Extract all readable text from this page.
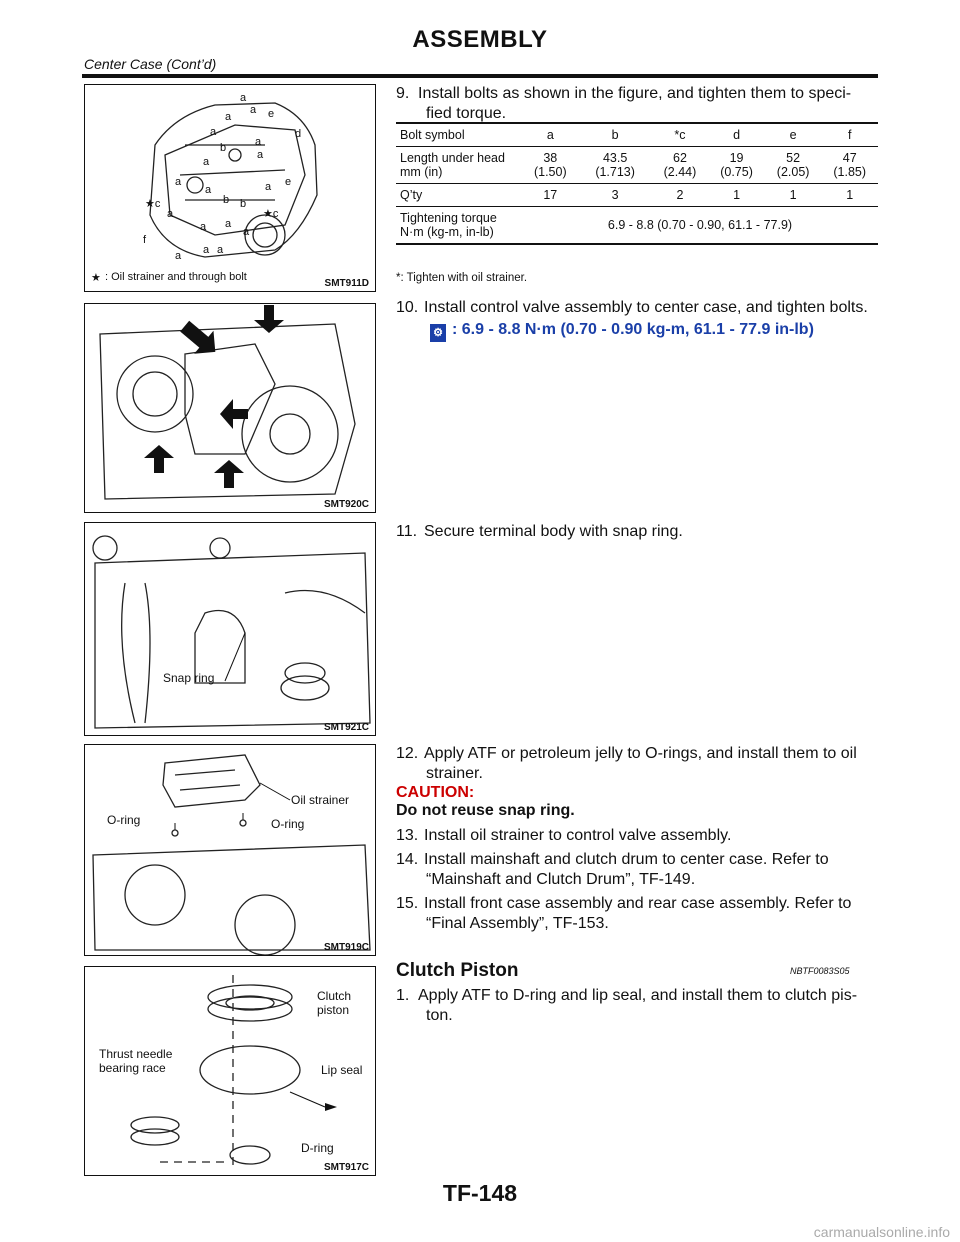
ASSEMBLY
Center Case (Cont’d)
a
a e
a
a
a
d
b
a
a
e
a	a
a
b b
★c
★c
a
a a
f
a
a a
a
★ : Oil strainer and through bolt
SMT911D
SMT920C
Snap ring
SMT921C
Oil strainer
O-ring	O-ring
SMT919C
Clutch piston
Thrust needle bearing race	Lip seal
D-ring
SMT917C
9. Install bolts as shown in the figure, and tighten them to speci-
fied torque.
Bolt symbol	a	b	*c	d	e	f
Length under head mm (in)	38 (1.50)	43.5 (1.713)	62 (2.44)	19 (0.75)	52 (2.05)	47 (1.85)
Q’ty	17	3	2	1	1	1
Tightening torque N·m (kg-m, in-lb)	6.9 - 8.8 (0.70 - 0.90, 61.1 - 77.9)					
*: Tighten with oil strainer.
10. Install control valve assembly to center case, and tighten bolts.
⚙ : 6.9 - 8.8 N·m (0.70 - 0.90 kg-m, 61.1 - 77.9 in-lb)
11. Secure terminal body with snap ring.
12. Apply ATF or petroleum jelly to O-rings, and install them to oil
strainer.
CAUTION:
Do not reuse snap ring.
13. Install oil strainer to control valve assembly.
14. Install mainshaft and clutch drum to center case. Refer to
“Mainshaft and Clutch Drum”, TF-149.
15. Install front case assembly and rear case assembly. Refer to
“Final Assembly”, TF-153.
Clutch Piston	NBTF0083S05
1. Apply ATF to D-ring and lip seal, and install them to clutch pis-
ton.
TF-148
carmanualsonline.info
